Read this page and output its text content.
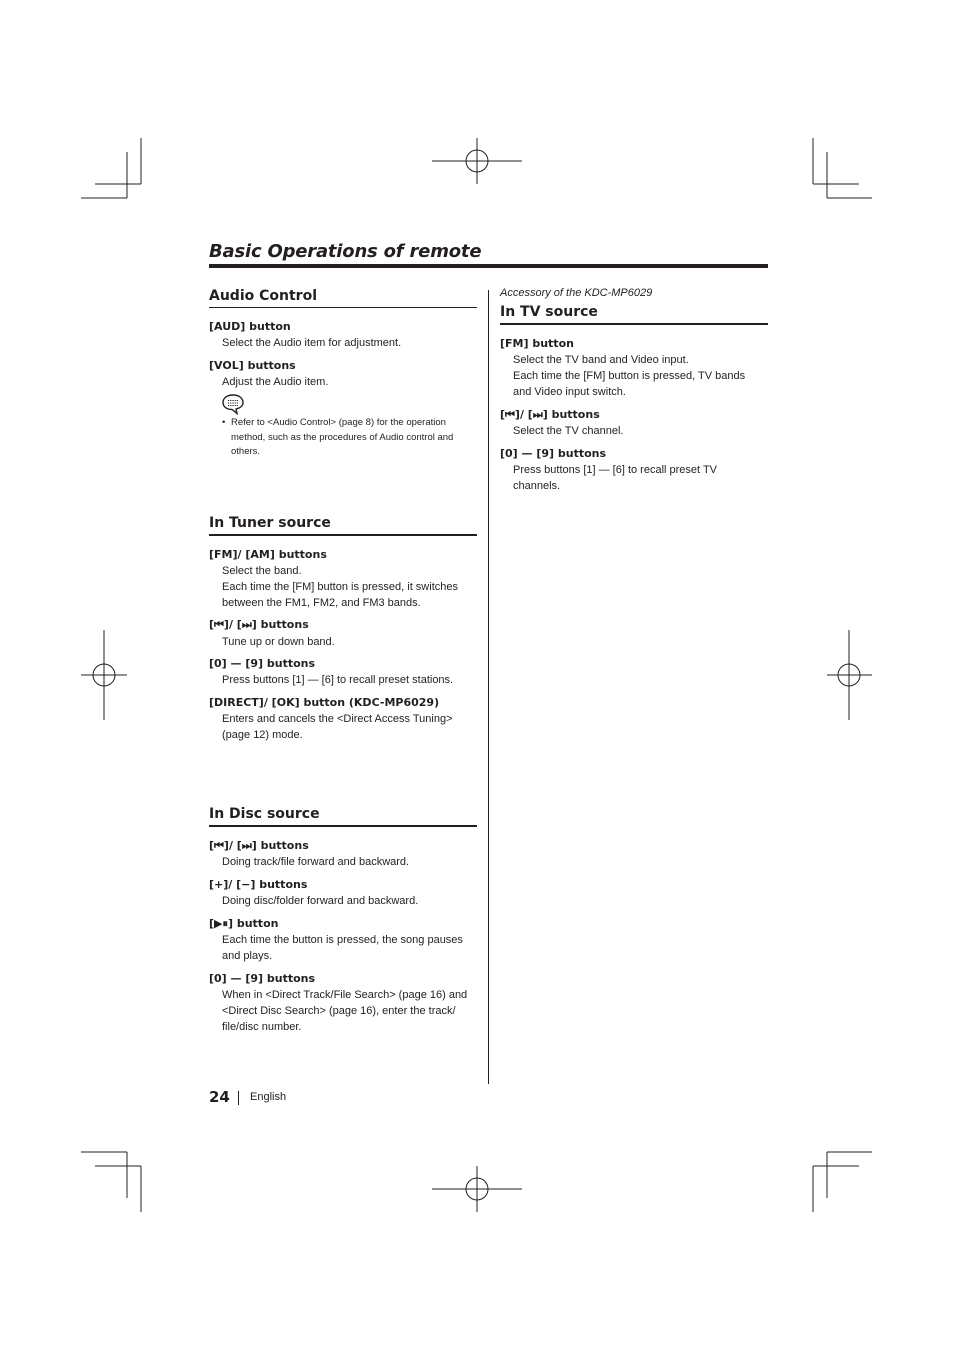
Basic Operations of remote
Audio Control
[AUD] button
Select the Audio item for adjustment.
[VOL] buttons
Adjust the Audio item.
• Refer to <Audio Control> (page 8) for the operation
method, such as the procedures of Audio control and
others.
In Tuner source
[FM]/ [AM] buttons
Select the band.
Each time the [FM] button is pressed, it switches
between the FM1, FM2, and FM3 bands.
[⏮]/ [⏭] buttons
Tune up or down band.
[0] — [9] buttons
Press buttons [1] — [6] to recall preset stations.
[DIRECT]/ [OK] button (KDC-MP6029)
Enters and cancels the <Direct Access Tuning>
(page 12) mode.
In Disc source
[⏮]/ [⏭] buttons
Doing track/file forward and backward.
[+]/ [−] buttons
Doing disc/folder forward and backward.
[▶⏸] button
Each time the button is pressed, the song pauses
and plays.
[0] — [9] buttons
When in <Direct Track/File Search> (page 16) and
<Direct Disc Search> (page 16), enter the track/
file/disc number.
Accessory of the KDC-MP6029
In TV source
[FM] button
Select the TV band and Video input.
Each time the [FM] button is pressed, TV bands
and Video input switch.
[⏮]/ [⏭] buttons
Select the TV channel.
[0] — [9] buttons
Press buttons [1] — [6] to recall preset TV
channels.
24 English
